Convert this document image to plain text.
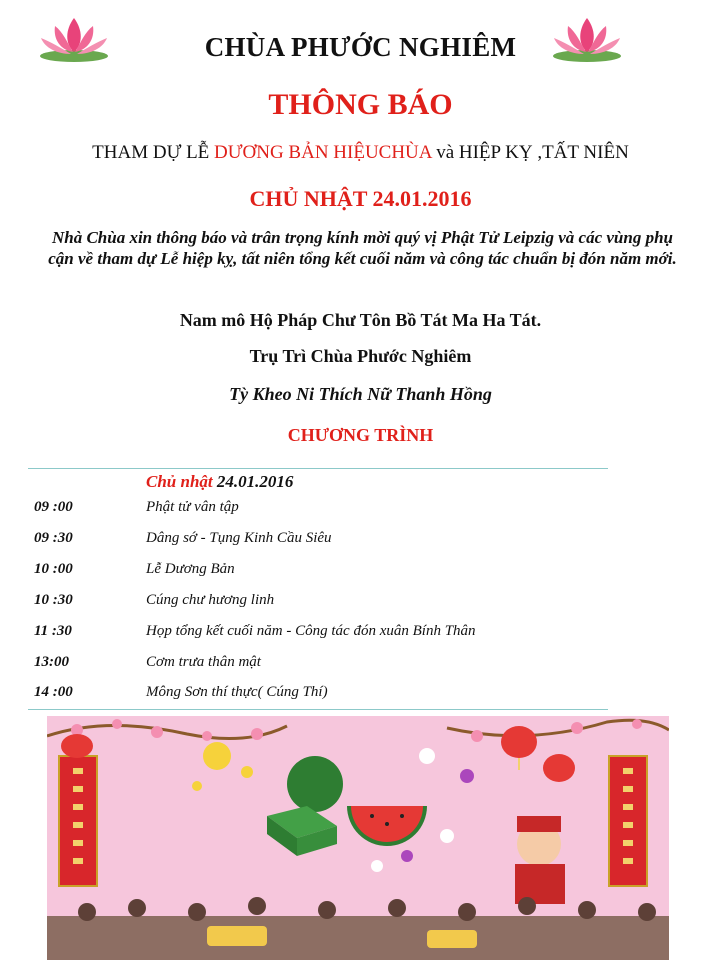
CHÙA PHƯỚC NGHIÊM
THÔNG BÁO
THAM DỰ LỄ DƯƠNG BẢN HIỆUCHÙA và HIỆP KỴ ,TẤT NIÊN
CHỦ NHẬT 24.01.2016
Nhà Chùa xin thông báo và trân trọng kính mời quý vị Phật Tử Leipzig và các vùng phụ cận về tham dự Lễ hiệp kỵ, tất niên tổng kết cuối năm và công tác chuẩn bị đón năm mới.
Nam mô Hộ Pháp Chư Tôn Bồ Tát Ma Ha Tát.
Trụ Trì Chùa Phước Nghiêm
Tỳ Kheo Ni Thích Nữ Thanh Hồng
CHƯƠNG TRÌNH
Chủ nhật 24.01.2016
09 :00	Phật tử vân tập
09 :30	Dâng sớ - Tụng Kinh Cầu Siêu
10 :00	Lễ Dương Bản
10 :30	Cúng chư hương linh
11 :30	Họp tổng kết cuối năm - Công tác đón xuân Bính Thân
13:00	Cơm trưa thân mật
14 :00	Mông Sơn thí thực( Cúng Thí)
